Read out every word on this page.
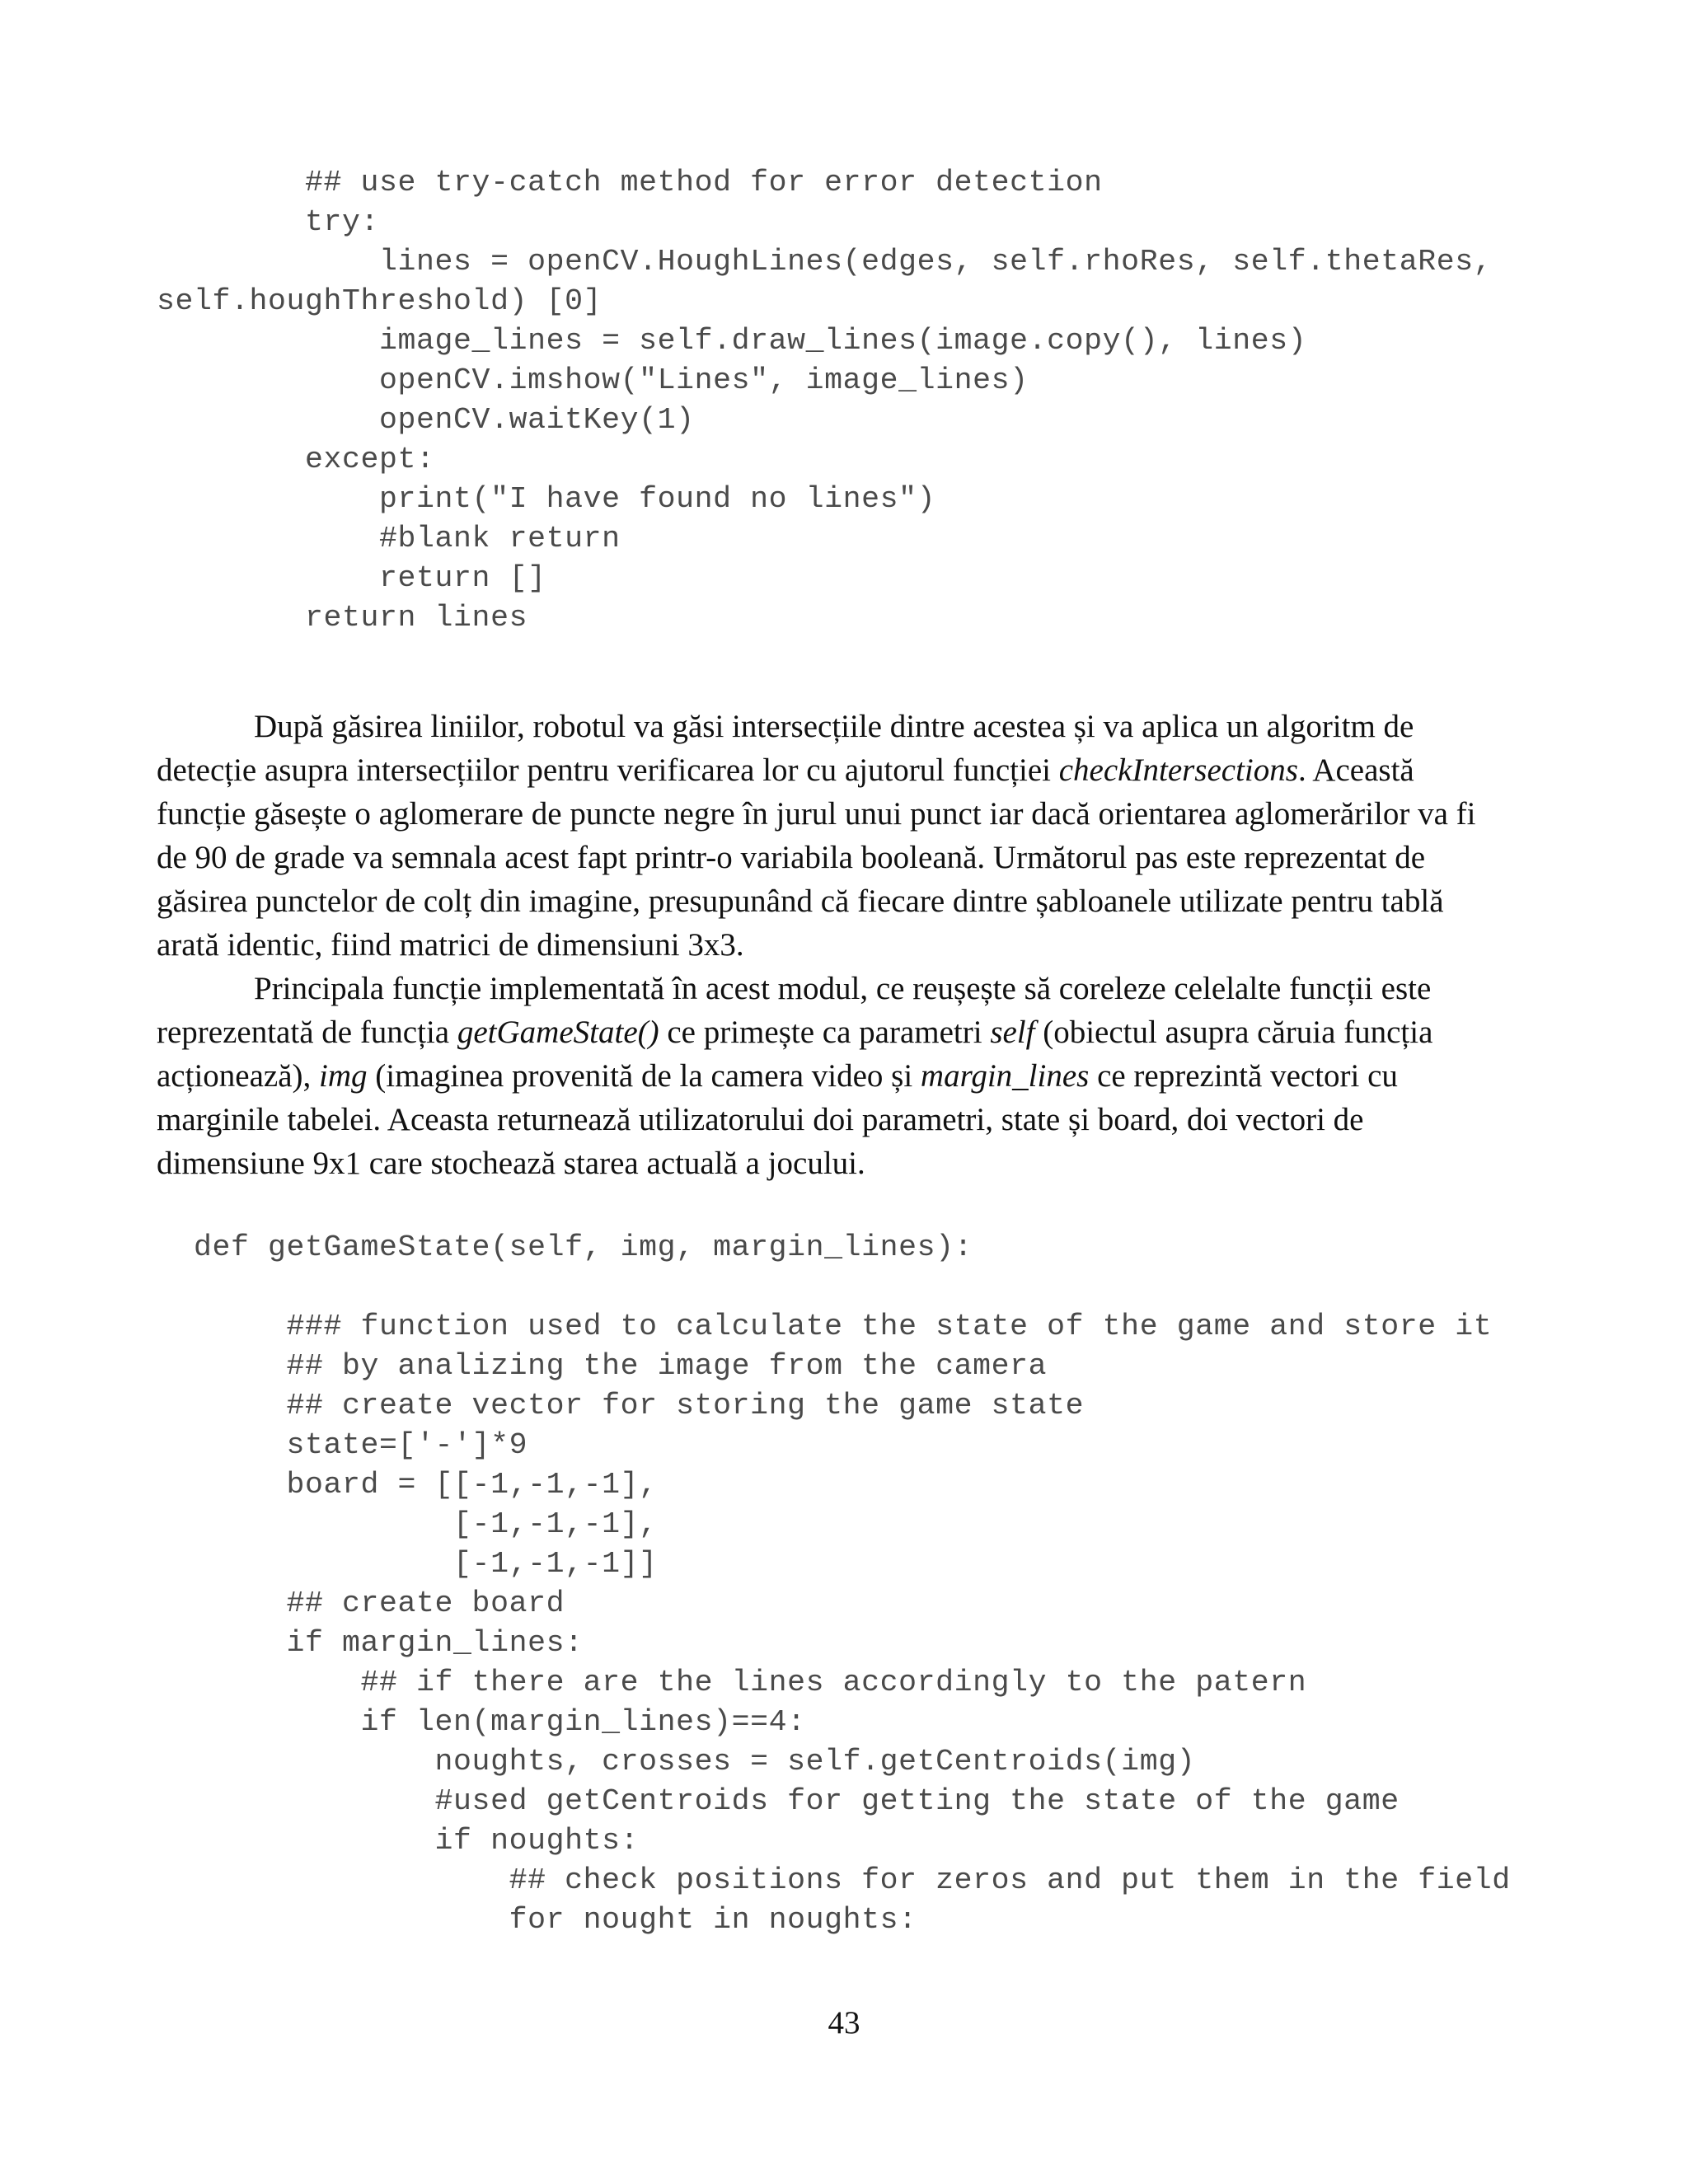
## use try-catch method for error detection
try:
lines = openCV.HoughLines(edges, self.rhoRes, self.thetaRes,
self.houghThreshold) [0]
image_lines = self.draw_lines(image.copy(), lines)
openCV.imshow("Lines", image_lines)
openCV.waitKey(1)
except:
print("I have found no lines")
#blank return
return []
return lines
După găsirea liniilor, robotul va găsi intersecțiile dintre acestea și va aplica un algoritm de
detecție asupra intersecțiilor pentru verificarea lor cu ajutorul funcției checkIntersections. Această
funcție găsește o aglomerare de puncte negre în jurul unui punct iar dacă orientarea aglomerărilor va fi
de 90 de grade va semnala acest fapt printr-o variabila booleană. Următorul pas este reprezentat de
găsirea punctelor de colț din imagine, presupunând că fiecare dintre șabloanele utilizate pentru tablă
arată identic, fiind matrici de dimensiuni 3x3.
Principala funcție implementată în acest modul, ce reușește să coreleze celelalte funcții este
reprezentată de funcția getGameState() ce primește ca parametri self (obiectul asupra căruia funcția
acționează), img (imaginea provenită de la camera video și margin_lines ce reprezintă vectori cu
marginile tabelei. Aceasta returnează utilizatorului doi parametri, state și board, doi vectori de
dimensiune 9x1 care stochează starea actuală a jocului.
def getGameState(self, img, margin_lines):
### function used to calculate the state of the game and store it
## by analizing the image from the camera
## create vector for storing the game state
state=['-']*9
board = [[-1,-1,-1],
[-1,-1,-1],
[-1,-1,-1]]
## create board
if margin_lines:
## if there are the lines accordingly to the patern
if len(margin_lines)==4:
noughts, crosses = self.getCentroids(img)
#used getCentroids for getting the state of the game
if noughts:
## check positions for zeros and put them in the field
for nought in noughts:
43
